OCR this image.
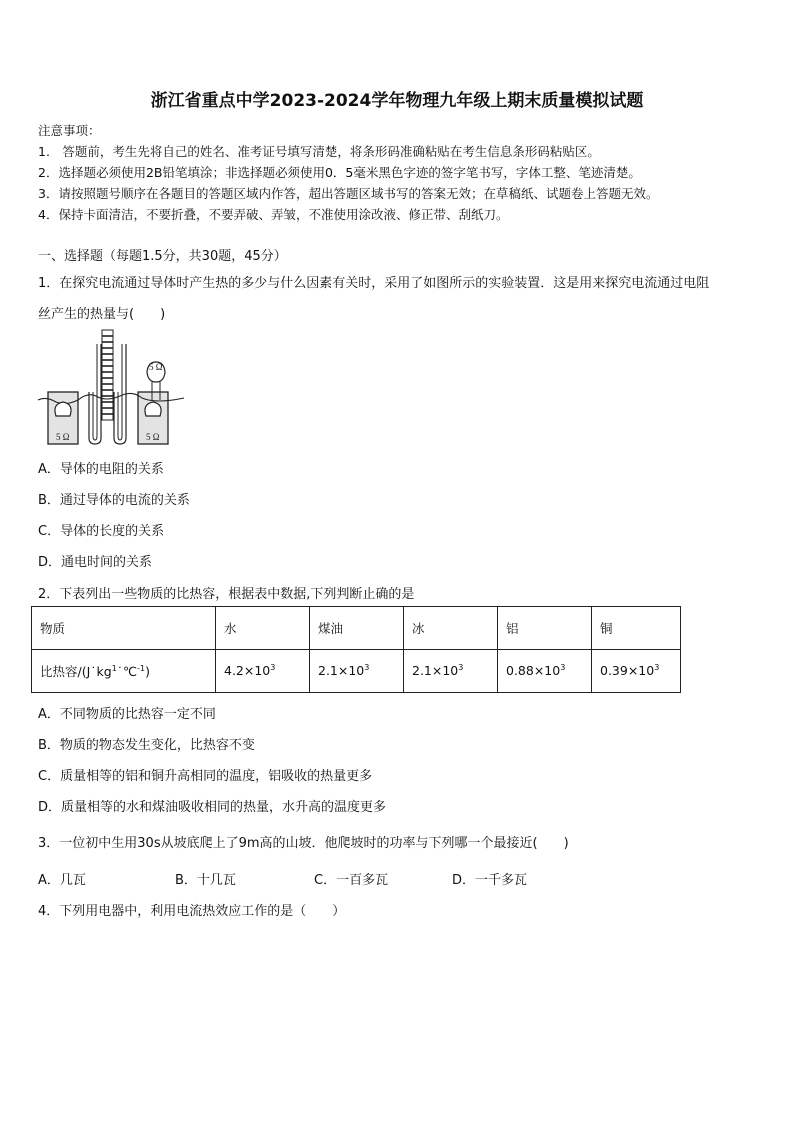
浙江省重点中学2023-2024学年物理九年级上期末质量模拟试题
注意事项：
1.　答题前，考生先将自己的姓名、准考证号填写清楚，将条形码准确粘贴在考生信息条形码粘贴区。
2．选择题必须使用2B铅笔填涂；非选择题必须使用0．5毫米黑色字迹的签字笔书写，字体工整、笔迹清楚。
3．请按照题号顺序在各题目的答题区域内作答，超出答题区域书写的答案无效；在草稿纸、试题卷上答题无效。
4．保持卡面清洁，不要折叠，不要弄破、弄皱，不准使用涂改液、修正带、刮纸刀。
一、选择题（每题1.5分，共30题，45分）
1．在探究电流通过导体时产生热的多少与什么因素有关时，采用了如图所示的实验装置．这是用来探究电流通过电阻
丝产生的热量与(　　)
5 Ω	5 Ω
5 Ω
A．导体的电阻的关系
B．通过导体的电流的关系
C．导体的长度的关系
D．通电时间的关系
2．下表列出一些物质的比热容，根据表中数据,下列判断止确的是
物质	水	煤油	冰	铝	铜
比热容$/(J˙kg^1˙℃^{-1})$	$4.2\times 10^3$	$2.1\times 10^3$	$2.1\times 10^3$	$0.88\times 10^3$	$0.39\times 10^3$
A．不同物质的比热容一定不同
B．物质的物态发生变化，比热容不变
C．质量相等的铝和铜升高相同的温度，铝吸收的热量更多
D．质量相等的水和煤油吸收相同的热量，水升高的温度更多
3．一位初中生用30s从坡底爬上了9m高的山坡．他爬坡时的功率与下列哪一个最接近(　　)
A．几瓦	B．十几瓦	C．一百多瓦	D．一千多瓦
4．下列用电器中，利用电流热效应工作的是（　　）
